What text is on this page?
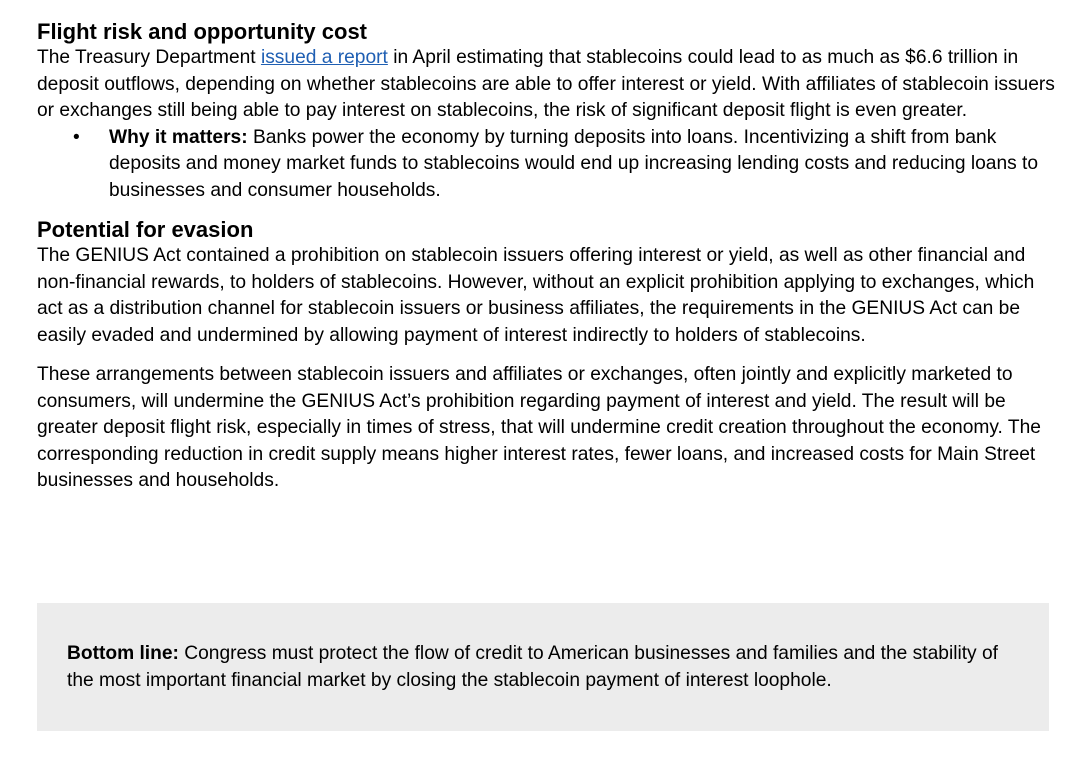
Flight risk and opportunity cost

The Treasury Department issued a report in April estimating that stablecoins could lead to as much as $6.6 trillion in deposit outflows, depending on whether stablecoins are able to offer interest or yield. With affiliates of stablecoin issuers or exchanges still being able to pay interest on stablecoins, the risk of significant deposit flight is even greater.

• Why it matters: Banks power the economy by turning deposits into loans. Incentivizing a shift from bank deposits and money market funds to stablecoins would end up increasing lending costs and reducing loans to businesses and consumer households.
Potential for evasion

The GENIUS Act contained a prohibition on stablecoin issuers offering interest or yield, as well as other financial and non-financial rewards, to holders of stablecoins. However, without an explicit prohibition applying to exchanges, which act as a distribution channel for stablecoin issuers or business affiliates, the requirements in the GENIUS Act can be easily evaded and undermined by allowing payment of interest indirectly to holders of stablecoins.

These arrangements between stablecoin issuers and affiliates or exchanges, often jointly and explicitly marketed to consumers, will undermine the GENIUS Act’s prohibition regarding payment of interest and yield. The result will be greater deposit flight risk, especially in times of stress, that will undermine credit creation throughout the economy. The corresponding reduction in credit supply means higher interest rates, fewer loans, and increased costs for Main Street businesses and households.

Bottom line: Congress must protect the flow of credit to American businesses and families and the stability of the most important financial market by closing the stablecoin payment of interest loophole.
